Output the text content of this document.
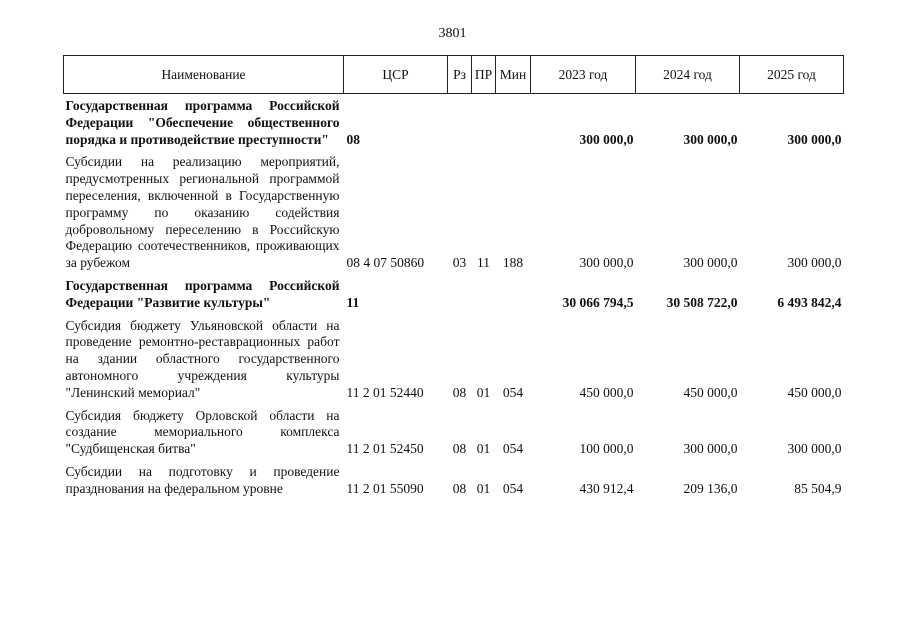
3801
Наименование	ЦСР	Рз	ПР	Мин	2023 год	2024 год	2025 год
Государственная программа Российской Федерации "Обеспечение общественного порядка и противодействие преступности"	08				300 000,0	300 000,0	300 000,0
Субсидии на реализацию мероприятий, предусмотренных региональной программой переселения, включенной в Государственную программу по оказанию содействия добровольному переселению в Российскую Федерацию соотечественников, проживающих за рубежом	08 4 07 50860	03	11	188	300 000,0	300 000,0	300 000,0
Государственная программа Российской Федерации "Развитие культуры"	11				30 066 794,5	30 508 722,0	6 493 842,4
Субсидия бюджету Ульяновской области на проведение ремонтно-реставрационных работ на здании областного государственного автономного учреждения культуры "Ленинский мемориал"	11 2 01 52440	08	01	054	450 000,0	450 000,0	450 000,0
Субсидия бюджету Орловской области на создание мемориального комплекса "Судбищенская битва"	11 2 01 52450	08	01	054	100 000,0	300 000,0	300 000,0
Субсидии на подготовку и проведение празднования на федеральном уровне	11 2 01 55090	08	01	054	430 912,4	209 136,0	85 504,9
